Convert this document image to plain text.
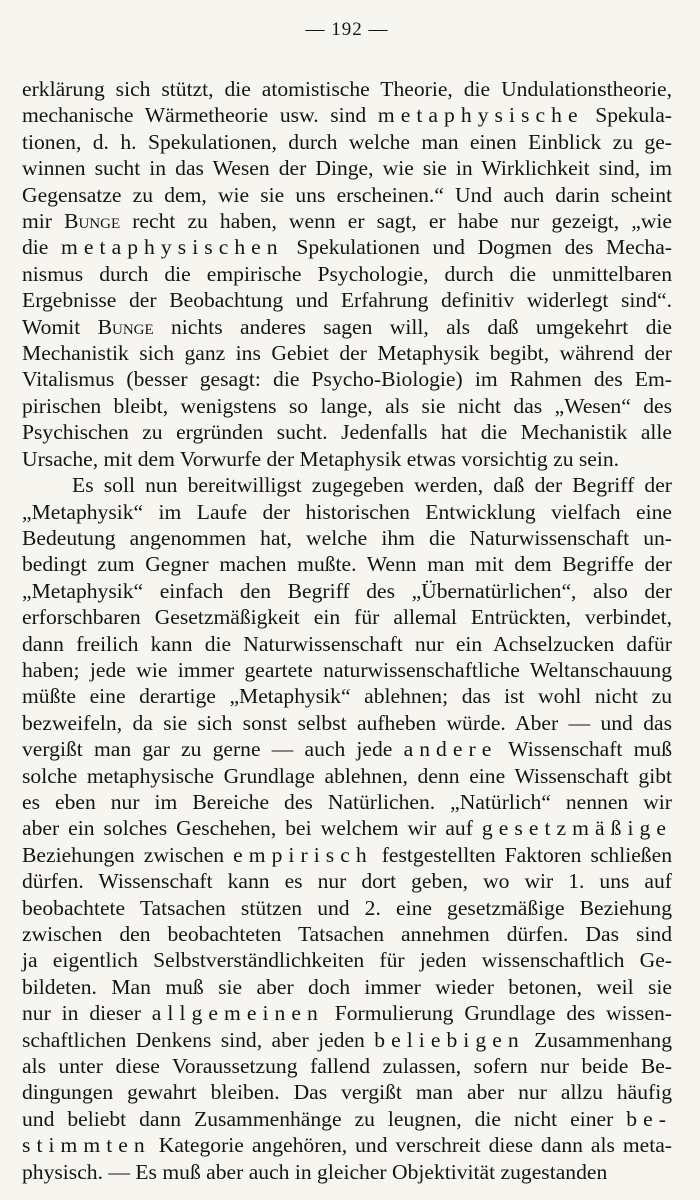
— 192 —
erklärung sich stützt, die atomistische Theorie, die Undulationstheorie,
mechanische Wärmetheorie usw. sind metaphysische Spekula-
tionen, d. h. Spekulationen, durch welche man einen Einblick zu ge-
winnen sucht in das Wesen der Dinge, wie sie in Wirklichkeit sind, im
Gegensatze zu dem, wie sie uns erscheinen.“ Und auch darin scheint
mir Bunge recht zu haben, wenn er sagt, er habe nur gezeigt, „wie
die metaphysischen Spekulationen und Dogmen des Mecha-
nismus durch die empirische Psychologie, durch die unmittelbaren
Ergebnisse der Beobachtung und Erfahrung definitiv widerlegt sind“.
Womit Bunge nichts anderes sagen will, als daß umgekehrt die
Mechanistik sich ganz ins Gebiet der Metaphysik begibt, während der
Vitalismus (besser gesagt: die Psycho-Biologie) im Rahmen des Em-
pirischen bleibt, wenigstens so lange, als sie nicht das „Wesen“ des
Psychischen zu ergründen sucht. Jedenfalls hat die Mechanistik alle
Ursache, mit dem Vorwurfe der Metaphysik etwas vorsichtig zu sein.
Es soll nun bereitwilligst zugegeben werden, daß der Begriff der
„Metaphysik“ im Laufe der historischen Entwicklung vielfach eine
Bedeutung angenommen hat, welche ihm die Naturwissenschaft un-
bedingt zum Gegner machen mußte. Wenn man mit dem Begriffe der
„Metaphysik“ einfach den Begriff des „Übernatürlichen“, also der
erforschbaren Gesetzmäßigkeit ein für allemal Entrückten, verbindet,
dann freilich kann die Naturwissenschaft nur ein Achselzucken dafür
haben; jede wie immer geartete naturwissenschaftliche Weltanschauung
müßte eine derartige „Metaphysik“ ablehnen; das ist wohl nicht zu
bezweifeln, da sie sich sonst selbst aufheben würde. Aber — und das
vergißt man gar zu gerne — auch jede andere Wissenschaft muß
solche metaphysische Grundlage ablehnen, denn eine Wissenschaft gibt
es eben nur im Bereiche des Natürlichen. „Natürlich“ nennen wir
aber ein solches Geschehen, bei welchem wir auf gesetzmäßige
Beziehungen zwischen empirisch festgestellten Faktoren schließen
dürfen. Wissenschaft kann es nur dort geben, wo wir 1. uns auf
beobachtete Tatsachen stützen und 2. eine gesetzmäßige Beziehung
zwischen den beobachteten Tatsachen annehmen dürfen. Das sind
ja eigentlich Selbstverständlichkeiten für jeden wissenschaftlich Ge-
bildeten. Man muß sie aber doch immer wieder betonen, weil sie
nur in dieser allgemeinen Formulierung Grundlage des wissen-
schaftlichen Denkens sind, aber jeden beliebigen Zusammenhang
als unter diese Voraussetzung fallend zulassen, sofern nur beide Be-
dingungen gewahrt bleiben. Das vergißt man aber nur allzu häufig
und beliebt dann Zusammenhänge zu leugnen, die nicht einer be-
stimmten Kategorie angehören, und verschreit diese dann als meta-
physisch. — Es muß aber auch in gleicher Objektivität zugestanden
